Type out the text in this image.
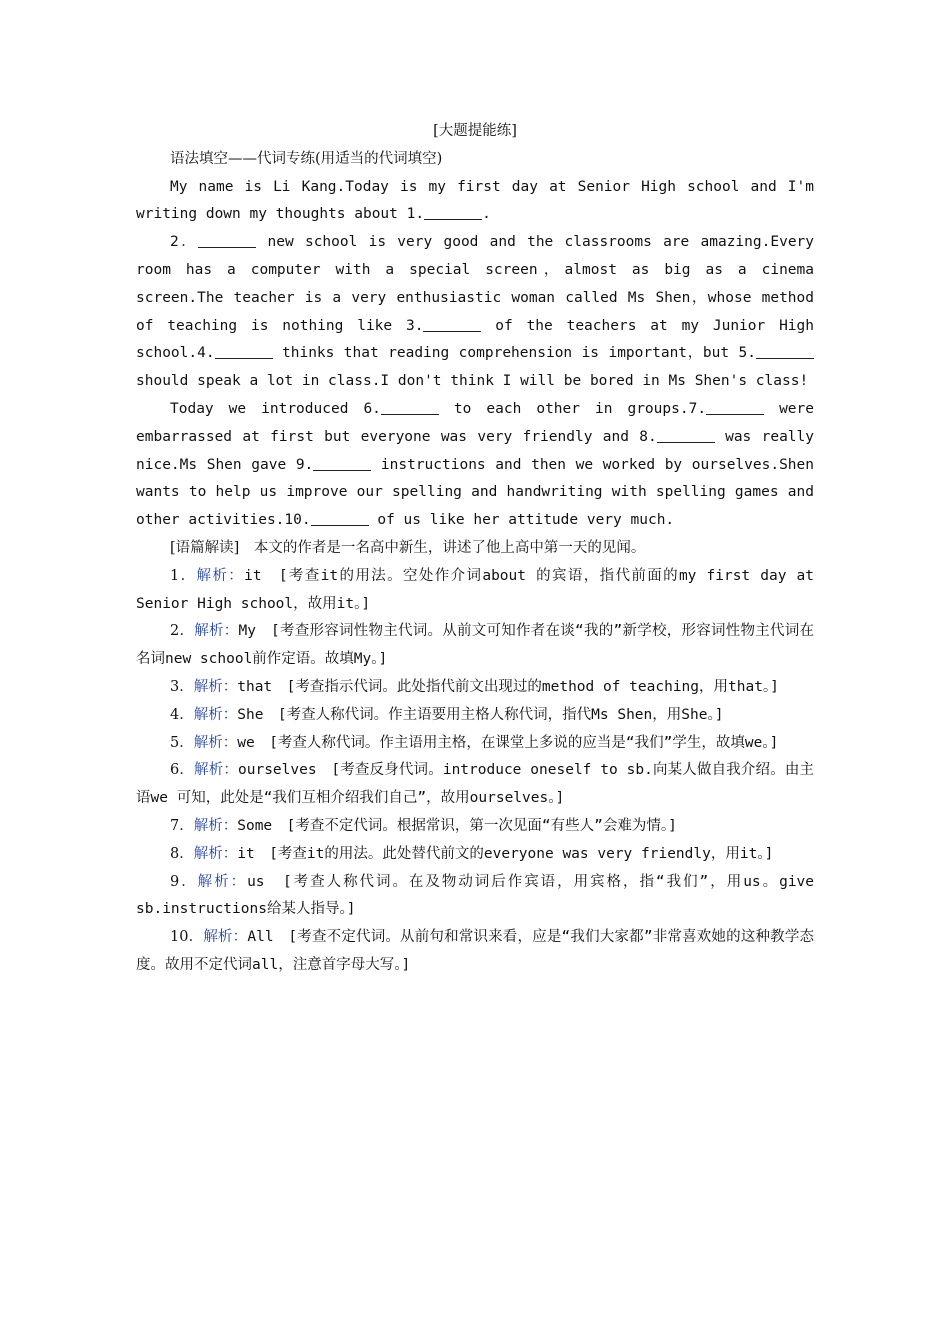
[大题提能练]

语法填空——代词专练(用适当的代词填空)

My name is Li Kang.Today is my first day at Senior High school and I'm writing down my thoughts about 1.	.

2．	new school is very good and the classrooms are amazing.Every room has a computer with a special screen，almost as big as a cinema screen.The teacher is a very enthusiastic woman called Ms Shen，whose method of teaching is nothing like 3.	of the teachers at my Junior High school.4.	thinks that reading comprehension is important，but 5. should speak a lot in class.I don't think I will be bored in Ms Shen's class!

Today we introduced 6.	to each other in groups.7.	were embarrassed at first but everyone was very friendly and 8.	was really nice.Ms Shen gave 9.	instructions and then we worked by ourselves.Shen wants to help us improve our spelling and handwriting with spelling games and other activities.10.	of us like her attitude very much.

[语篇解读]　本文的作者是一名高中新生，讲述了他上高中第一天的见闻。

1．解析：it　[考查it的用法。空处作介词about 的宾语，指代前面的my first day at Senior High school，故用it。]

2．解析：My　[考查形容词性物主代词。从前文可知作者在谈“我的”新学校，形容词性物主代词在名词new school前作定语。故填My。]

3．解析：that　[考查指示代词。此处指代前文出现过的method of teaching，用that。]

4．解析：She　[考查人称代词。作主语要用主格人称代词，指代Ms Shen，用She。]

5．解析：we　[考查人称代词。作主语用主格，在课堂上多说的应当是“我们”学生，故填we。]

6．解析：ourselves　[考查反身代词。introduce oneself to sb.向某人做自我介绍。由主语we 可知，此处是“我们互相介绍我们自己”，故用ourselves。]

7．解析：Some　[考查不定代词。根据常识，第一次见面“有些人”会难为情。]

8．解析：it　[考查it的用法。此处替代前文的everyone was very friendly，用it。]

9．解析：us　[考查人称代词。在及物动词后作宾语，用宾格，指“我们”，用us。give sb.instructions给某人指导。]

10．解析：All　[考查不定代词。从前句和常识来看，应是“我们大家都”非常喜欢她的这种教学态度。故用不定代词all，注意首字母大写。]
